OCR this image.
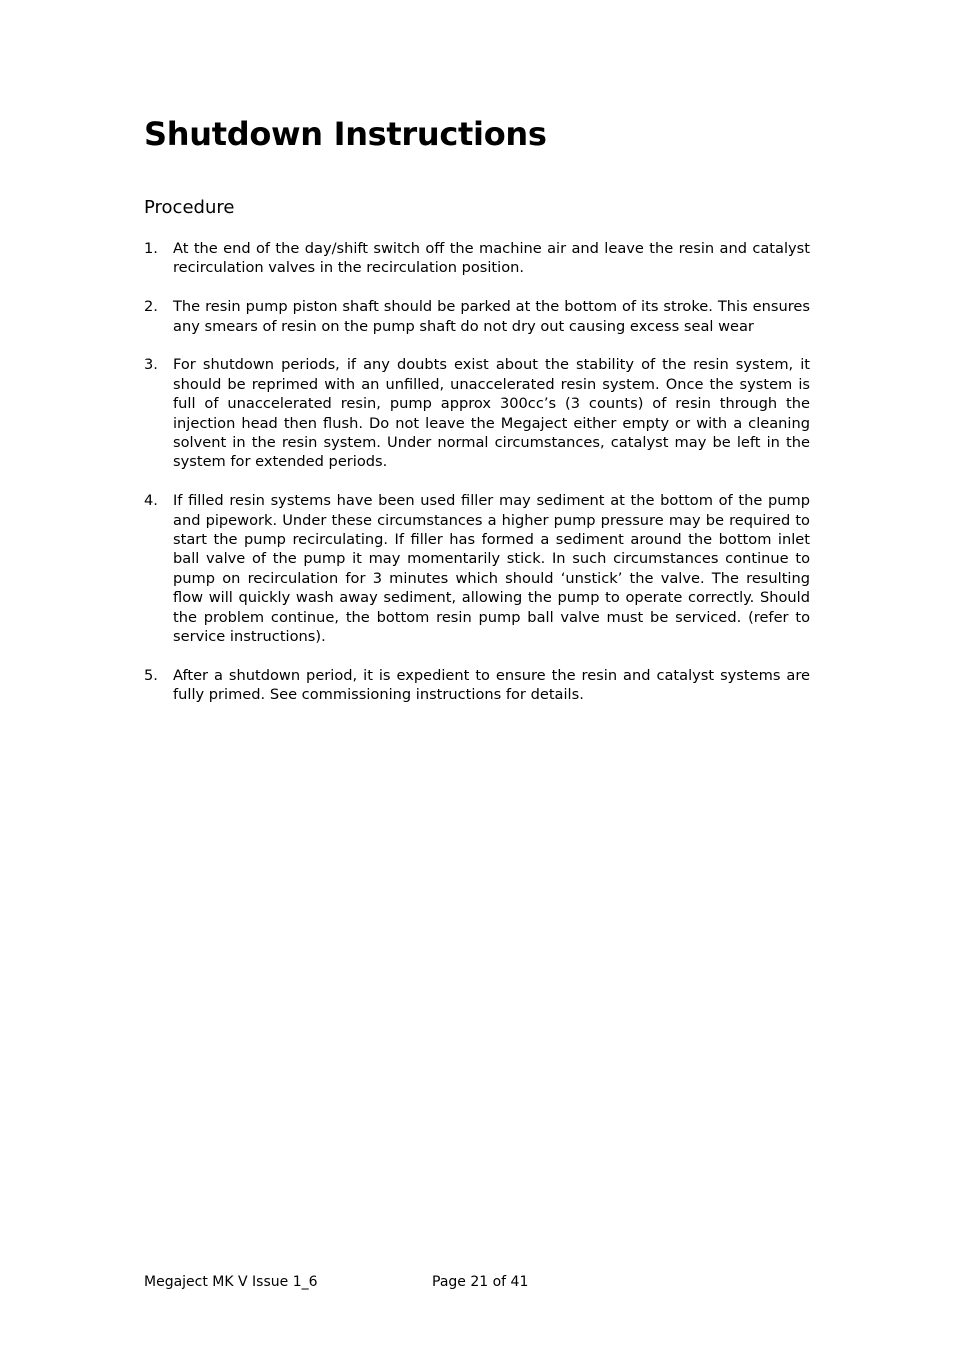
Shutdown Instructions
Procedure
1. At the end of the day/shift switch off the machine air and leave the resin and catalyst recirculation valves in the recirculation position.
2. The resin pump piston shaft should be parked at the bottom of its stroke. This ensures any smears of resin on the pump shaft do not dry out causing excess seal wear
3. For shutdown periods, if any doubts exist about the stability of the resin system, it should be reprimed with an unfilled, unaccelerated resin system. Once the system is full of unaccelerated resin, pump approx 300cc’s (3 counts) of resin through the injection head then flush. Do not leave the Megaject either empty or with a cleaning solvent in the resin system. Under normal circumstances, catalyst may be left in the system for extended periods.
4. If filled resin systems have been used filler may sediment at the bottom of the pump and pipework. Under these circumstances a higher pump pressure may be required to start the pump recirculating. If filler has formed a sediment around the bottom inlet ball valve of the pump it may momentarily stick. In such circumstances continue to pump on recirculation for 3 minutes which should ‘unstick’ the valve. The resulting flow will quickly wash away sediment, allowing the pump to operate correctly. Should the problem continue, the bottom resin pump ball valve must be serviced. (refer to service instructions).
5. After a shutdown period, it is expedient to ensure the resin and catalyst systems are fully primed. See commissioning instructions for details.
Megaject MK V Issue 1_6	Page 21 of 41
